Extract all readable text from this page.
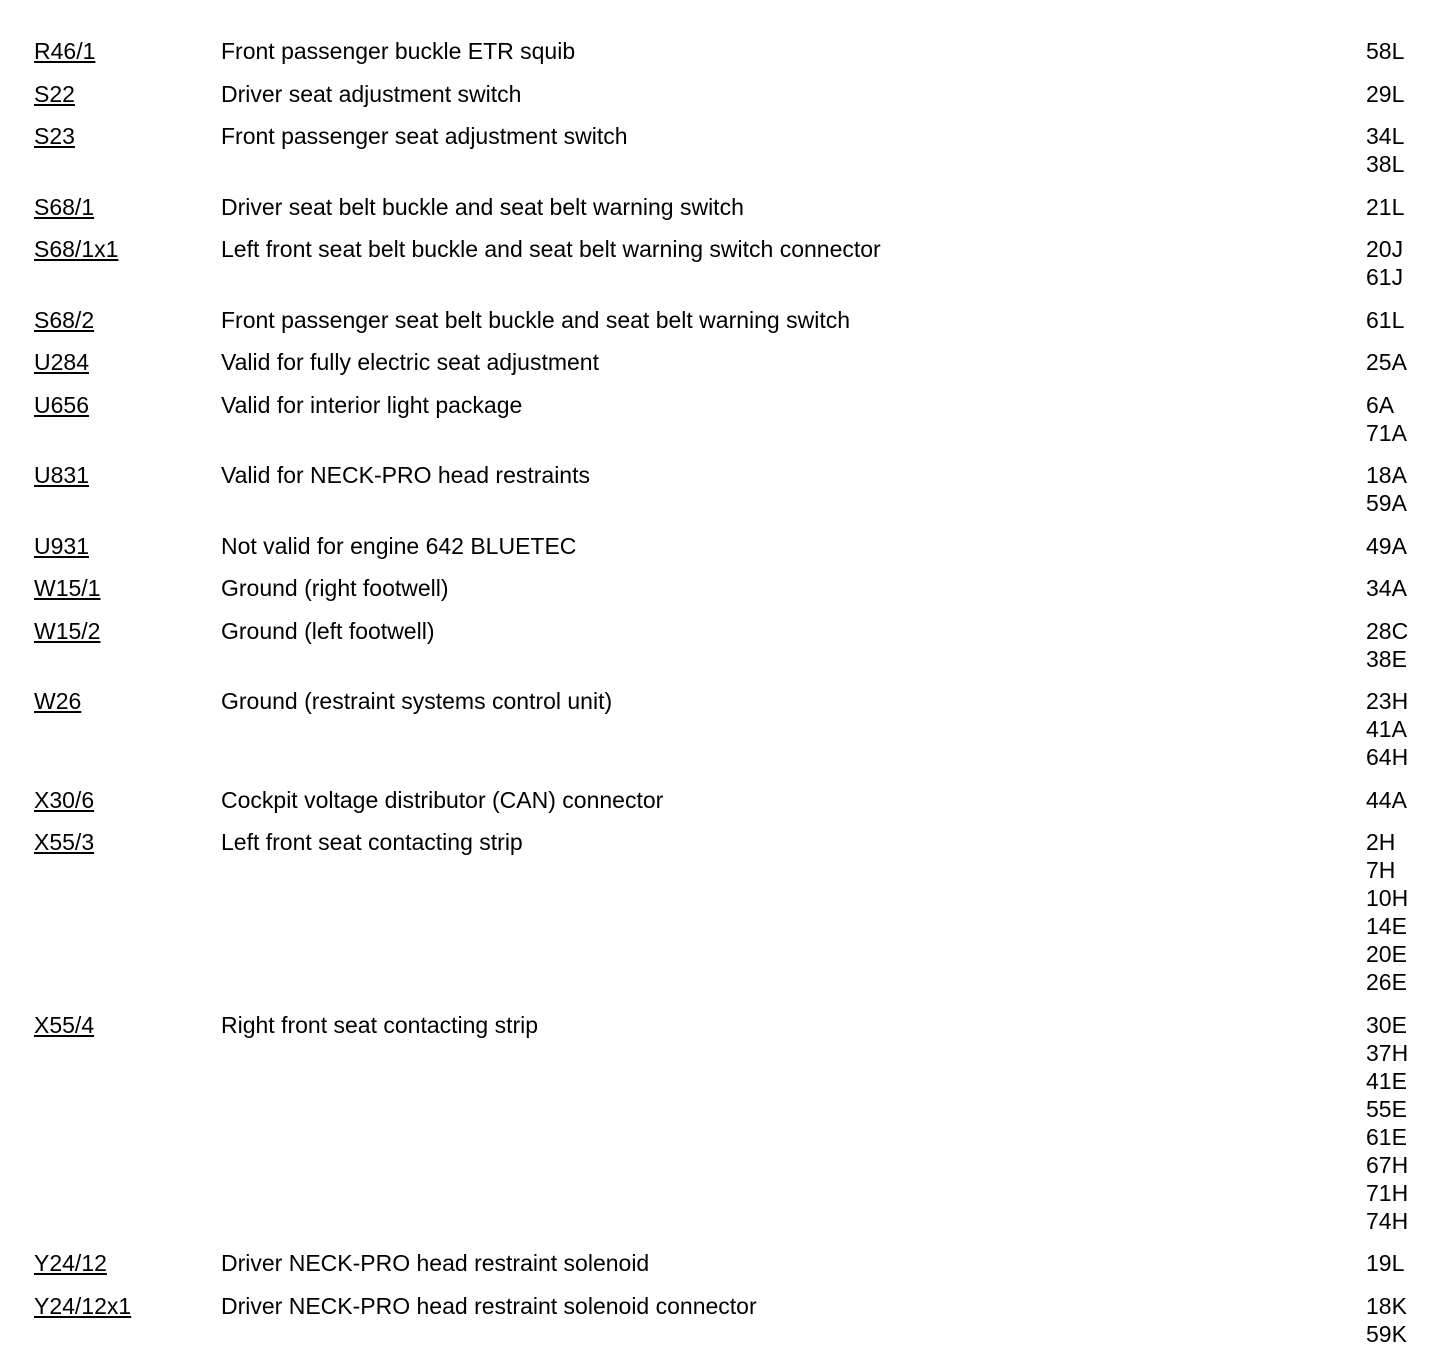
R46/1	Front passenger buckle ETR squib	58L
S22	Driver seat adjustment switch	29L
S23	Front passenger seat adjustment switch	34L
38L
S68/1	Driver seat belt buckle and seat belt warning switch	21L
S68/1x1	Left front seat belt buckle and seat belt warning switch connector	20J
61J
S68/2	Front passenger seat belt buckle and seat belt warning switch	61L
U284	Valid for fully electric seat adjustment	25A
U656	Valid for interior light package	6A
71A
U831	Valid for NECK-PRO head restraints	18A
59A
U931	Not valid for engine 642 BLUETEC	49A
W15/1	Ground (right footwell)	34A
W15/2	Ground (left footwell)	28C
38E
W26	Ground (restraint systems control unit)	23H
41A
64H
X30/6	Cockpit voltage distributor (CAN) connector	44A
X55/3	Left front seat contacting strip	2H
7H
10H
14E
20E
26E
X55/4	Right front seat contacting strip	30E
37H
41E
55E
61E
67H
71H
74H
Y24/12	Driver NECK-PRO head restraint solenoid	19L
Y24/12x1	Driver NECK-PRO head restraint solenoid connector	18K
59K
